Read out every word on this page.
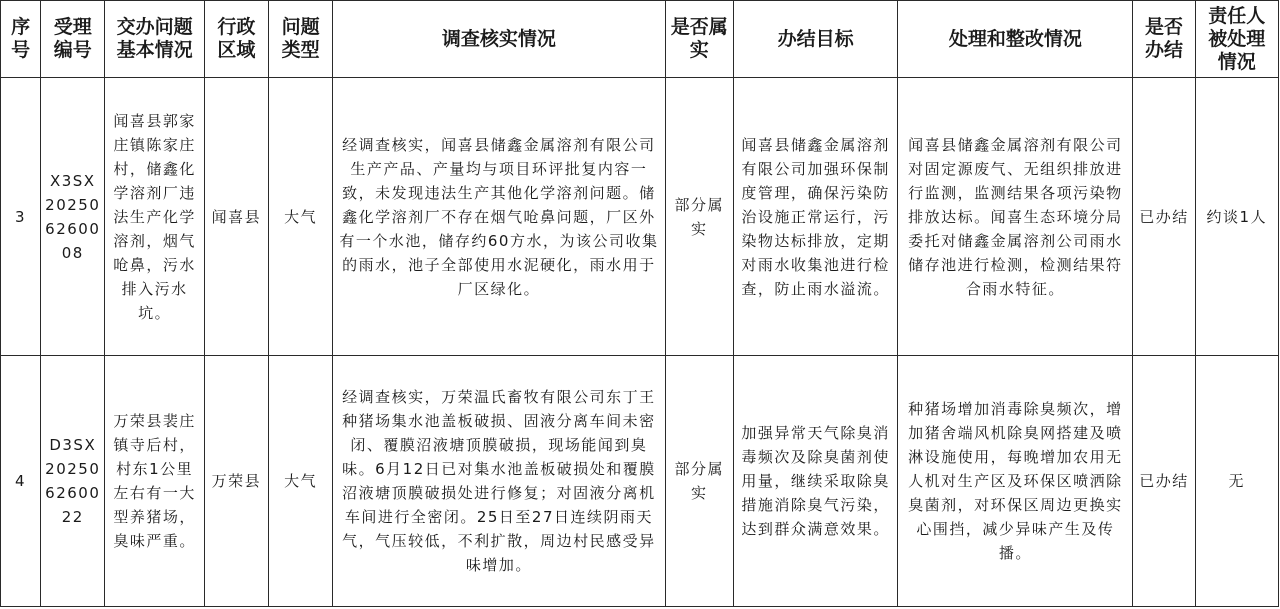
序号	受理编号	交办问题基本情况	行政区域	问题类型	调查核实情况	是否属实	办结目标	处理和整改情况	是否办结	责任人被处理情况
3	X3SX2025062600 08	闻喜县郭家庄镇陈家庄村，储鑫化学溶剂厂违法生产化学溶剂，烟气呛鼻，污水排入污水坑。	闻喜县	大气	经调查核实，闻喜县储鑫金属溶剂有限公司生产产品、产量均与项目环评批复内容一致，未发现违法生产其他化学溶剂问题。储鑫化学溶剂厂不存在烟气呛鼻问题，厂区外有一个水池，储存约60方水，为该公司收集的雨水，池子全部使用水泥硬化，雨水用于厂区绿化。	部分属实	闻喜县储鑫金属溶剂有限公司加强环保制度管理，确保污染防治设施正常运行，污染物达标排放，定期对雨水收集池进行检查，防止雨水溢流。	闻喜县储鑫金属溶剂有限公司对固定源废气、无组织排放进行监测，监测结果各项污染物排放达标。闻喜生态环境分局委托对储鑫金属溶剂公司雨水储存池进行检测，检测结果符合雨水特征。	已办结	约谈1人
4	D3SX2025062600 22	万荣县裴庄镇寺后村，村东1公里左右有一大型养猪场，臭味严重。	万荣县	大气	经调查核实，万荣温氏畜牧有限公司东丁王种猪场集水池盖板破损、固液分离车间未密闭、覆膜沼液塘顶膜破损，现场能闻到臭味。6月12日已对集水池盖板破损处和覆膜沼液塘顶膜破损处进行修复；对固液分离机车间进行全密闭。25日至27日连续阴雨天气，气压较低，不利扩散，周边村民感受异味增加。	部分属实	加强异常天气除臭消毒频次及除臭菌剂使用量，继续采取除臭措施消除臭气污染，达到群众满意效果。	种猪场增加消毒除臭频次，增加猪舍端风机除臭网搭建及喷淋设施使用，每晚增加农用无人机对生产区及环保区喷洒除臭菌剂，对环保区周边更换实心围挡，减少异味产生及传播。	已办结	无
